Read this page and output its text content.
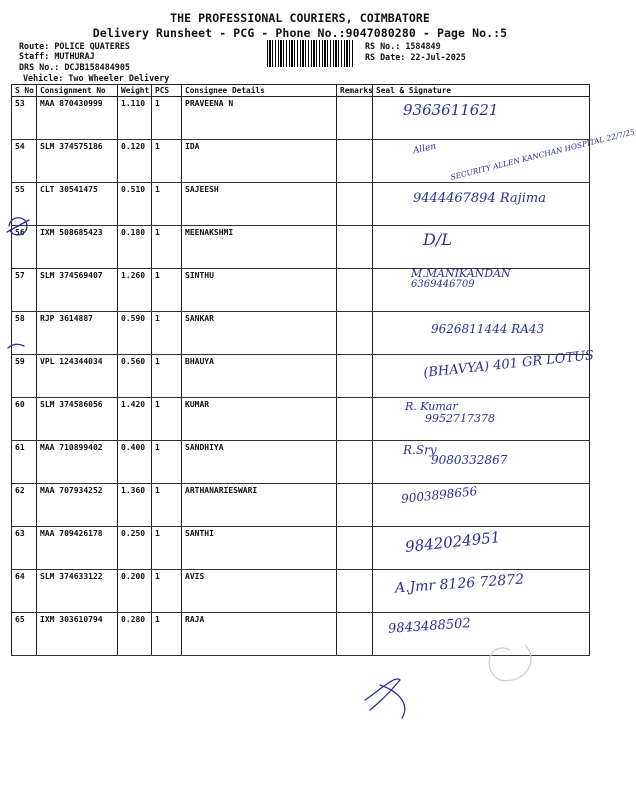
THE PROFESSIONAL COURIERS, COIMBATORE
Delivery Runsheet - PCG - Phone No.:9047080280 - Page No.:5
Route: POLICE QUATERES
Staff: MUTHURAJ
DRS No.: DCJB158484905
Vehicle: Two Wheeler Delivery
RS No.: 1584849
RS Date: 22-Jul-2025
S No	Consignment No	Weight	PCS	Consignee Details	Remarks	Seal & Signature
53	MAA 870430999	1.110	1	PRAVEENA N		9363611621

54	SLM 374575186	0.120	1	IDA		Allen SECURITY ALLEN KANCHAN HOSPITAL 22/7/25

55	CLT 30541475	0.510	1	SAJEESH		9444467894 Rajima

56	IXM 508685423	0.180	1	MEENAKSHMI		D/L

57	SLM 374569407	1.260	1	SINTHU		M.MANIKANDAN
6369446709

58	RJP 3614887	0.590	1	SANKAR		9626811444 RA43

59	VPL 124344034	0.560	1	BHAUYA		(BHAVYA) 401 GR LOTUS

60	SLM 374586056	1.420	1	KUMAR		R. Kumar
9952717378

61	MAA 710899402	0.400	1	SANDHIYA		R.Sry
9080332867

62	MAA 707934252	1.360	1	ARTHANARIESWARI		9003898656

63	MAA 709426178	0.250	1	SANTHI		9842024951

64	SLM 374633122	0.200	1	AVIS		A.Jmr 8126 72872

65	IXM 303610794	0.280	1	RAJA		9843488502
